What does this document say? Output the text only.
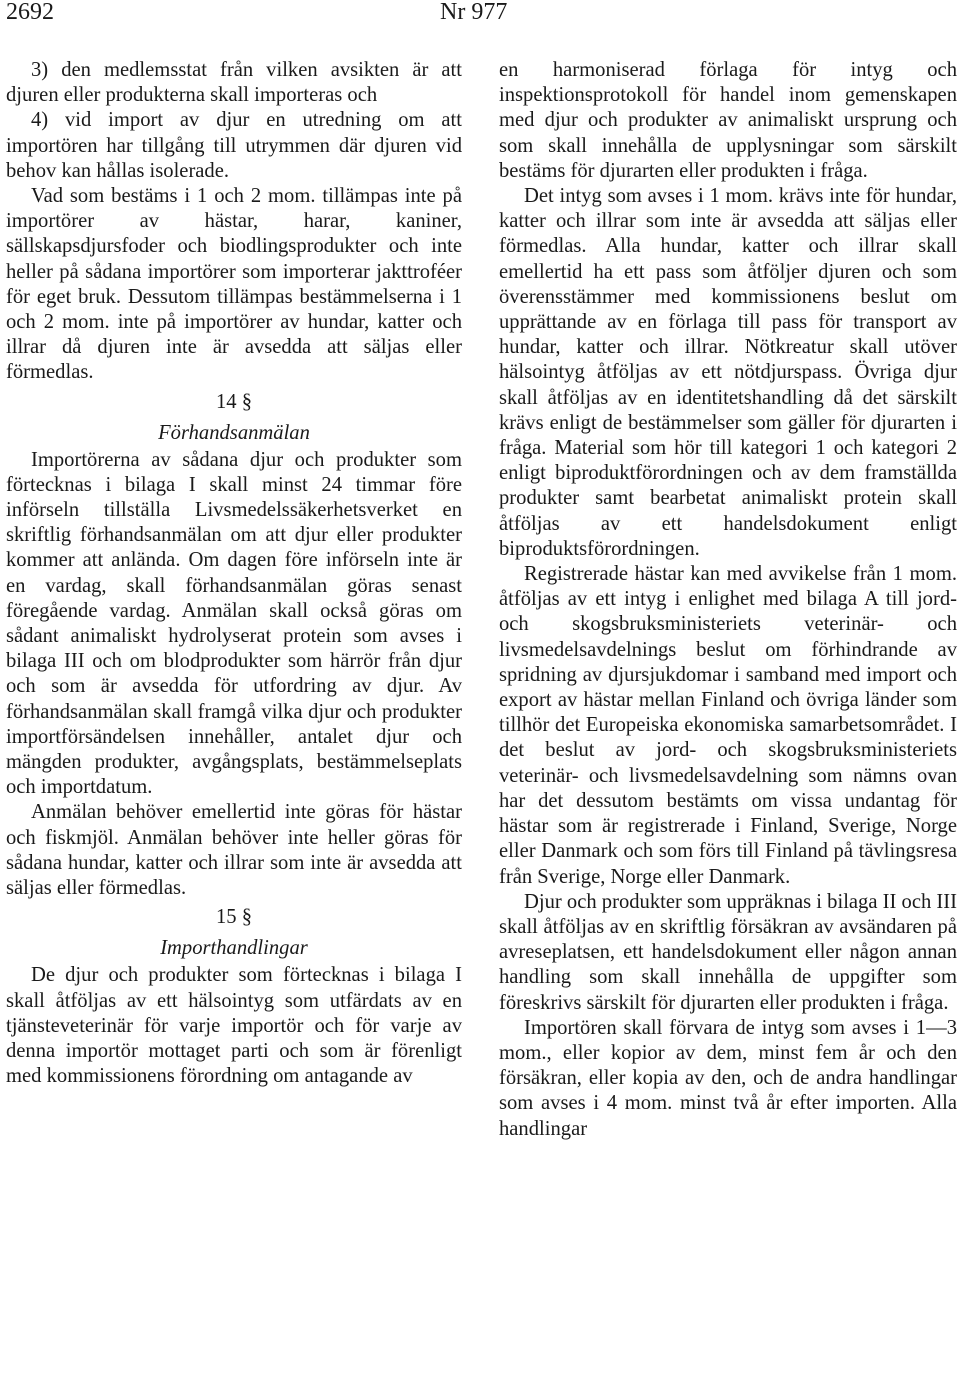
2692	Nr 977

3) den medlemsstat från vilken avsikten är att djuren eller produkterna skall importeras och

4) vid import av djur en utredning om att importören har tillgång till utrymmen där djuren vid behov kan hållas isolerade.

Vad som bestäms i 1 och 2 mom. tillämpas inte på importörer av hästar, harar, kaniner, sällskapsdjursfoder och biodlingsprodukter och inte heller på sådana importörer som importerar jakttroféer för eget bruk. Dessutom tillämpas bestämmelserna i 1 och 2 mom. inte på importörer av hundar, katter och illrar då djuren inte är avsedda att säljas eller förmedlas.

14 §

Förhandsanmälan

Importörerna av sådana djur och produkter som förtecknas i bilaga I skall minst 24 timmar före införseln tillställa Livsmedelssäkerhetsverket en skriftlig förhandsanmälan om att djur eller produkter kommer att anlända. Om dagen före införseln inte är en vardag, skall förhandsanmälan göras senast föregående vardag. Anmälan skall också göras om sådant animaliskt hydrolyserat protein som avses i bilaga III och om blodprodukter som härrör från djur och som är avsedda för utfordring av djur. Av förhandsanmälan skall framgå vilka djur och produkter importförsändelsen innehåller, antalet djur och mängden produkter, avgångsplats, bestämmelseplats och importdatum.

Anmälan behöver emellertid inte göras för hästar och fiskmjöl. Anmälan behöver inte heller göras för sådana hundar, katter och illrar som inte är avsedda att säljas eller förmedlas.

15 §

Importhandlingar

De djur och produkter som förtecknas i bilaga I skall åtföljas av ett hälsointyg som utfärdats av en tjänsteveterinär för varje importör och för varje av denna importör mottaget parti och som är förenligt med kommissionens förordning om antagande av

en harmoniserad förlaga för intyg och inspektionsprotokoll för handel inom gemenskapen med djur och produkter av animaliskt ursprung och som skall innehålla de upplysningar som särskilt bestäms för djurarten eller produkten i fråga.

Det intyg som avses i 1 mom. krävs inte för hundar, katter och illrar som inte är avsedda att säljas eller förmedlas. Alla hundar, katter och illrar skall emellertid ha ett pass som åtföljer djuren och som överensstämmer med kommissionens beslut om upprättande av en förlaga till pass för transport av hundar, katter och illrar. Nötkreatur skall utöver hälsointyg åtföljas av ett nötdjurspass. Övriga djur skall åtföljas av en identitetshandling då det särskilt krävs enligt de bestämmelser som gäller för djurarten i fråga. Material som hör till kategori 1 och kategori 2 enligt biproduktförordningen och av dem framställda produkter samt bearbetat animaliskt protein skall åtföljas av ett handelsdokument enligt biproduktsförordningen.

Registrerade hästar kan med avvikelse från 1 mom. åtföljas av ett intyg i enlighet med bilaga A till jord- och skogsbruksministeriets veterinär- och livsmedelsavdelnings beslut om förhindrande av spridning av djursjukdomar i samband med import och export av hästar mellan Finland och övriga länder som tillhör det Europeiska ekonomiska samarbetsområdet. I det beslut av jord- och skogsbruksministeriets veterinär- och livsmedelsavdelning som nämns ovan har det dessutom bestämts om vissa undantag för hästar som är registrerade i Finland, Sverige, Norge eller Danmark och som förs till Finland på tävlingsresa från Sverige, Norge eller Danmark.

Djur och produkter som uppräknas i bilaga II och III skall åtföljas av en skriftlig försäkran av avsändaren på avreseplatsen, ett handelsdokument eller någon annan handling som skall innehålla de uppgifter som föreskrivs särskilt för djurarten eller produkten i fråga.

Importören skall förvara de intyg som avses i 1—3 mom., eller kopior av dem, minst fem år och den försäkran, eller kopia av den, och de andra handlingar som avses i 4 mom. minst två år efter importen. Alla handlingar
